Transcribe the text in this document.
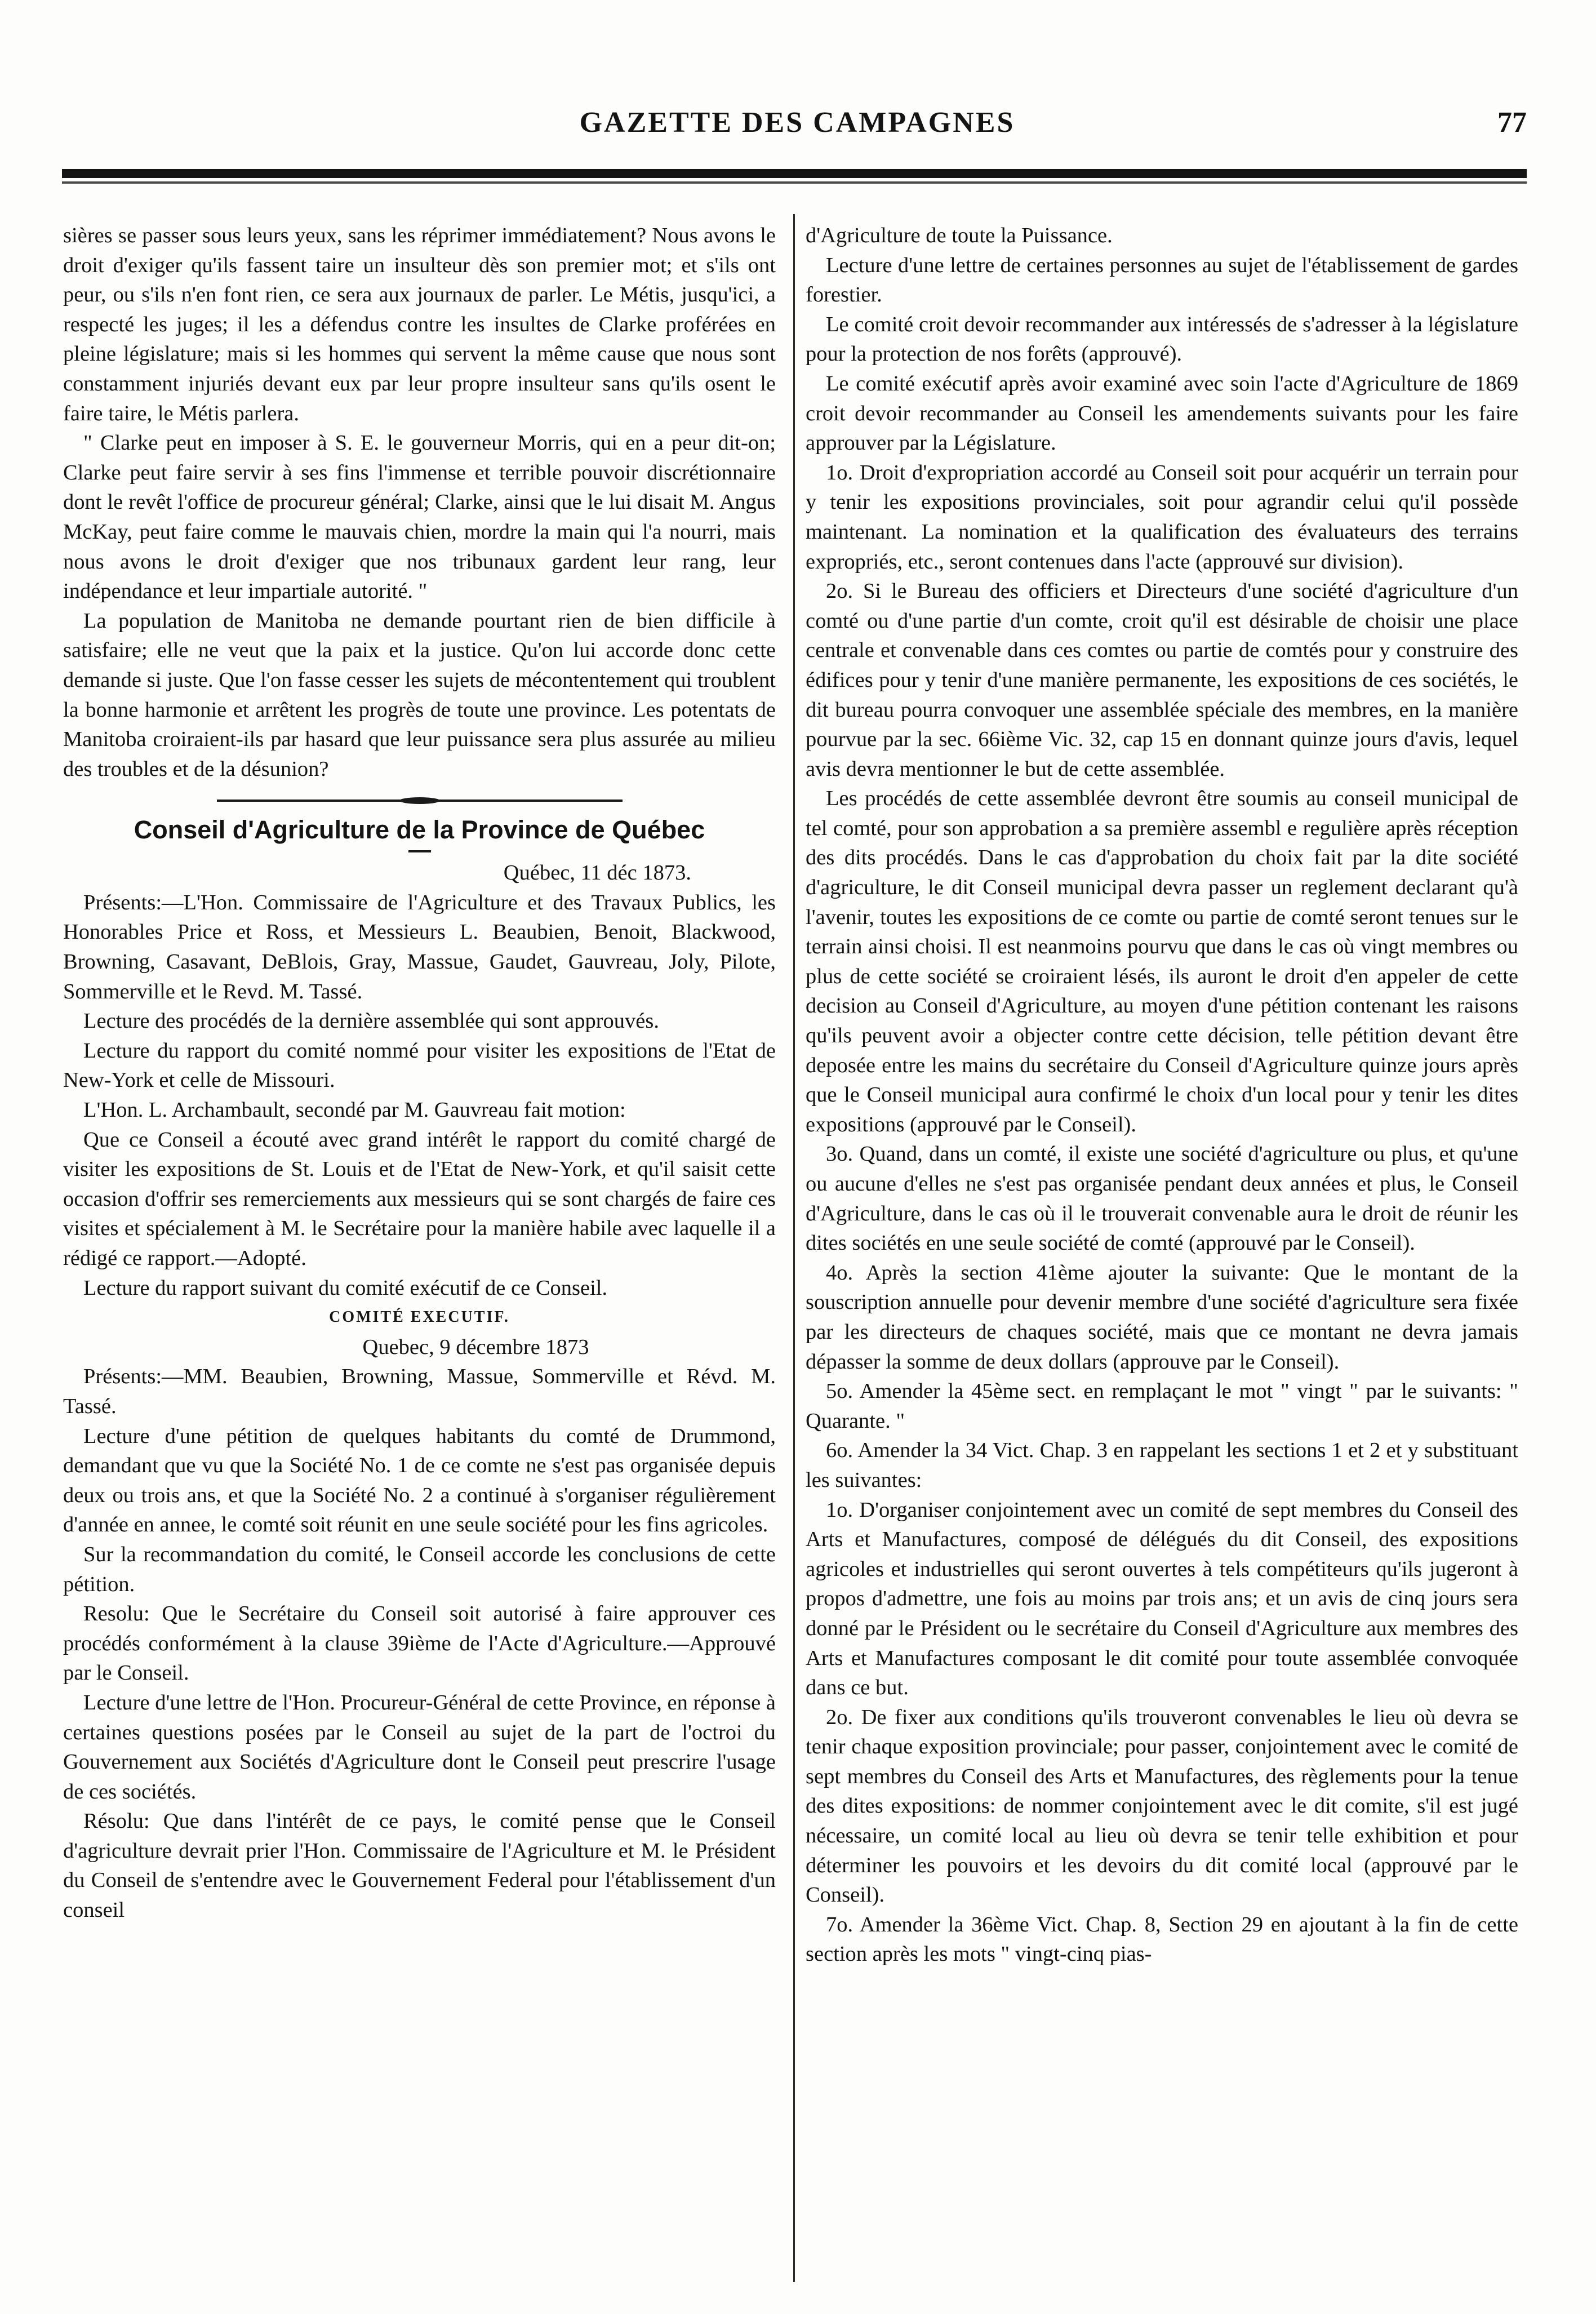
GAZETTE DES CAMPAGNES	77

sières se passer sous leurs yeux, sans les réprimer immédiatement? Nous avons le droit d'exiger qu'ils fassent taire un insulteur dès son premier mot; et s'ils ont peur, ou s'ils n'en font rien, ce sera aux journaux de parler. Le Métis, jusqu'ici, a respecté les juges; il les a défendus contre les insultes de Clarke proférées en pleine législature; mais si les hommes qui servent la même cause que nous sont constamment injuriés devant eux par leur propre insulteur sans qu'ils osent le faire taire, le Métis parlera.

" Clarke peut en imposer à S. E. le gouverneur Morris, qui en a peur dit-on; Clarke peut faire servir à ses fins l'immense et terrible pouvoir discrétionnaire dont le revêt l'office de procureur général; Clarke, ainsi que le lui disait M. Angus McKay, peut faire comme le mauvais chien, mordre la main qui l'a nourri, mais nous avons le droit d'exiger que nos tribunaux gardent leur rang, leur indépendance et leur impartiale autorité. "

La population de Manitoba ne demande pourtant rien de bien difficile à satisfaire; elle ne veut que la paix et la justice. Qu'on lui accorde donc cette demande si juste. Que l'on fasse cesser les sujets de mécontentement qui troublent la bonne harmonie et arrêtent les progrès de toute une province. Les potentats de Manitoba croiraient-ils par hasard que leur puissance sera plus assurée au milieu des troubles et de la désunion?

Conseil d'Agriculture de la Province de Québec

Québec, 11 déc 1873.

Présents:—L'Hon. Commissaire de l'Agriculture et des Travaux Publics, les Honorables Price et Ross, et Messieurs L. Beaubien, Benoit, Blackwood, Browning, Casavant, DeBlois, Gray, Massue, Gaudet, Gauvreau, Joly, Pilote, Sommerville et le Revd. M. Tassé.

Lecture des procédés de la dernière assemblée qui sont approuvés.

Lecture du rapport du comité nommé pour visiter les expositions de l'Etat de New-York et celle de Missouri.

L'Hon. L. Archambault, secondé par M. Gauvreau fait motion:

Que ce Conseil a écouté avec grand intérêt le rapport du comité chargé de visiter les expositions de St. Louis et de l'Etat de New-York, et qu'il saisit cette occasion d'offrir ses remerciements aux messieurs qui se sont chargés de faire ces visites et spécialement à M. le Secrétaire pour la manière habile avec laquelle il a rédigé ce rapport.—Adopté.

Lecture du rapport suivant du comité exécutif de ce Conseil.

COMITÉ EXECUTIF.

Quebec, 9 décembre 1873

Présents:—MM. Beaubien, Browning, Massue, Sommerville et Révd. M. Tassé.

Lecture d'une pétition de quelques habitants du comté de Drummond, demandant que vu que la Société No. 1 de ce comte ne s'est pas organisée depuis deux ou trois ans, et que la Société No. 2 a continué à s'organiser régulièrement d'année en annee, le comté soit réunit en une seule société pour les fins agricoles.

Sur la recommandation du comité, le Conseil accorde les conclusions de cette pétition.

Resolu: Que le Secrétaire du Conseil soit autorisé à faire approuver ces procédés conformément à la clause 39ième de l'Acte d'Agriculture.—Approuvé par le Conseil.

Lecture d'une lettre de l'Hon. Procureur-Général de cette Province, en réponse à certaines questions posées par le Conseil au sujet de la part de l'octroi du Gouvernement aux Sociétés d'Agriculture dont le Conseil peut prescrire l'usage de ces sociétés.

Résolu: Que dans l'intérêt de ce pays, le comité pense que le Conseil d'agriculture devrait prier l'Hon. Commissaire de l'Agriculture et M. le Président du Conseil de s'entendre avec le Gouvernement Federal pour l'établissement d'un conseil

d'Agriculture de toute la Puissance.

Lecture d'une lettre de certaines personnes au sujet de l'établissement de gardes forestier.

Le comité croit devoir recommander aux intéressés de s'adresser à la législature pour la protection de nos forêts (approuvé).

Le comité exécutif après avoir examiné avec soin l'acte d'Agriculture de 1869 croit devoir recommander au Conseil les amendements suivants pour les faire approuver par la Législature.

1o. Droit d'expropriation accordé au Conseil soit pour acquérir un terrain pour y tenir les expositions provinciales, soit pour agrandir celui qu'il possède maintenant. La nomination et la qualification des évaluateurs des terrains expropriés, etc., seront contenues dans l'acte (approuvé sur division).

2o. Si le Bureau des officiers et Directeurs d'une société d'agriculture d'un comté ou d'une partie d'un comte, croit qu'il est désirable de choisir une place centrale et convenable dans ces comtes ou partie de comtés pour y construire des édifices pour y tenir d'une manière permanente, les expositions de ces sociétés, le dit bureau pourra convoquer une assemblée spéciale des membres, en la manière pourvue par la sec. 66ième Vic. 32, cap 15 en donnant quinze jours d'avis, lequel avis devra mentionner le but de cette assemblée.

Les procédés de cette assemblée devront être soumis au conseil municipal de tel comté, pour son approbation a sa première assembl e regulière après réception des dits procédés. Dans le cas d'approbation du choix fait par la dite société d'agriculture, le dit Conseil municipal devra passer un reglement declarant qu'à l'avenir, toutes les expositions de ce comte ou partie de comté seront tenues sur le terrain ainsi choisi. Il est neanmoins pourvu que dans le cas où vingt membres ou plus de cette société se croiraient lésés, ils auront le droit d'en appeler de cette decision au Conseil d'Agriculture, au moyen d'une pétition contenant les raisons qu'ils peuvent avoir a objecter contre cette décision, telle pétition devant être deposée entre les mains du secrétaire du Conseil d'Agriculture quinze jours après que le Conseil municipal aura confirmé le choix d'un local pour y tenir les dites expositions (approuvé par le Conseil).

3o. Quand, dans un comté, il existe une société d'agriculture ou plus, et qu'une ou aucune d'elles ne s'est pas organisée pendant deux années et plus, le Conseil d'Agriculture, dans le cas où il le trouverait convenable aura le droit de réunir les dites sociétés en une seule société de comté (approuvé par le Conseil).

4o. Après la section 41ème ajouter la suivante: Que le montant de la souscription annuelle pour devenir membre d'une société d'agriculture sera fixée par les directeurs de chaques société, mais que ce montant ne devra jamais dépasser la somme de deux dollars (approuve par le Conseil).

5o. Amender la 45ème sect. en remplaçant le mot " vingt " par le suivants: " Quarante. "

6o. Amender la 34 Vict. Chap. 3 en rappelant les sections 1 et 2 et y substituant les suivantes:

1o. D'organiser conjointement avec un comité de sept membres du Conseil des Arts et Manufactures, composé de délégués du dit Conseil, des expositions agricoles et industrielles qui seront ouvertes à tels compétiteurs qu'ils jugeront à propos d'admettre, une fois au moins par trois ans; et un avis de cinq jours sera donné par le Président ou le secrétaire du Conseil d'Agriculture aux membres des Arts et Manufactures composant le dit comité pour toute assemblée convoquée dans ce but.

2o. De fixer aux conditions qu'ils trouveront convenables le lieu où devra se tenir chaque exposition provinciale; pour passer, conjointement avec le comité de sept membres du Conseil des Arts et Manufactures, des règlements pour la tenue des dites expositions: de nommer conjointement avec le dit comite, s'il est jugé nécessaire, un comité local au lieu où devra se tenir telle exhibition et pour déterminer les pouvoirs et les devoirs du dit comité local (approuvé par le Conseil).

7o. Amender la 36ème Vict. Chap. 8, Section 29 en ajoutant à la fin de cette section après les mots " vingt-cinq pias-
